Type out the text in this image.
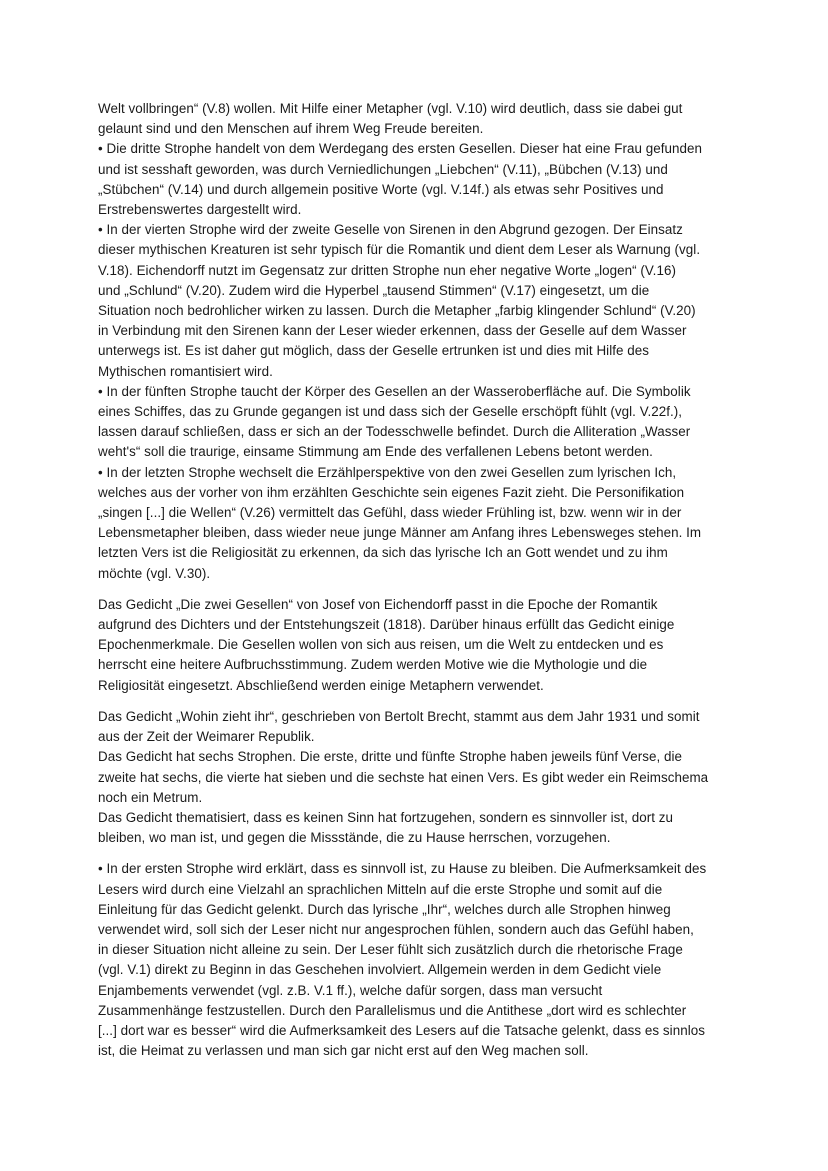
Welt vollbringen“ (V.8) wollen. Mit Hilfe einer Metapher (vgl. V.10) wird deutlich, dass sie dabei gut
gelaunt sind und den Menschen auf ihrem Weg Freude bereiten.
• Die dritte Strophe handelt von dem Werdegang des ersten Gesellen. Dieser hat eine Frau gefunden
und ist sesshaft geworden, was durch Verniedlichungen „Liebchen“ (V.11), „Bübchen (V.13) und
„Stübchen“ (V.14) und durch allgemein positive Worte (vgl. V.14f.) als etwas sehr Positives und
Erstrebenswertes dargestellt wird.
• In der vierten Strophe wird der zweite Geselle von Sirenen in den Abgrund gezogen. Der Einsatz
dieser mythischen Kreaturen ist sehr typisch für die Romantik und dient dem Leser als Warnung (vgl.
V.18). Eichendorff nutzt im Gegensatz zur dritten Strophe nun eher negative Worte „logen“ (V.16)
und „Schlund“ (V.20). Zudem wird die Hyperbel „tausend Stimmen“ (V.17) eingesetzt, um die
Situation noch bedrohlicher wirken zu lassen. Durch die Metapher „farbig klingender Schlund“ (V.20)
in Verbindung mit den Sirenen kann der Leser wieder erkennen, dass der Geselle auf dem Wasser
unterwegs ist. Es ist daher gut möglich, dass der Geselle ertrunken ist und dies mit Hilfe des
Mythischen romantisiert wird.
• In der fünften Strophe taucht der Körper des Gesellen an der Wasseroberfläche auf. Die Symbolik
eines Schiffes, das zu Grunde gegangen ist und dass sich der Geselle erschöpft fühlt (vgl. V.22f.),
lassen darauf schließen, dass er sich an der Todesschwelle befindet. Durch die Alliteration „Wasser
weht's“ soll die traurige, einsame Stimmung am Ende des verfallenen Lebens betont werden.
• In der letzten Strophe wechselt die Erzählperspektive von den zwei Gesellen zum lyrischen Ich,
welches aus der vorher von ihm erzählten Geschichte sein eigenes Fazit zieht. Die Personifikation
„singen [...] die Wellen“ (V.26) vermittelt das Gefühl, dass wieder Frühling ist, bzw. wenn wir in der
Lebensmetapher bleiben, dass wieder neue junge Männer am Anfang ihres Lebensweges stehen. Im
letzten Vers ist die Religiosität zu erkennen, da sich das lyrische Ich an Gott wendet und zu ihm
möchte (vgl. V.30).

Das Gedicht „Die zwei Gesellen“ von Josef von Eichendorff passt in die Epoche der Romantik
aufgrund des Dichters und der Entstehungszeit (1818). Darüber hinaus erfüllt das Gedicht einige
Epochenmerkmale. Die Gesellen wollen von sich aus reisen, um die Welt zu entdecken und es
herrscht eine heitere Aufbruchsstimmung. Zudem werden Motive wie die Mythologie und die
Religiosität eingesetzt. Abschließend werden einige Metaphern verwendet.

Das Gedicht „Wohin zieht ihr“, geschrieben von Bertolt Brecht, stammt aus dem Jahr 1931 und somit
aus der Zeit der Weimarer Republik.
Das Gedicht hat sechs Strophen. Die erste, dritte und fünfte Strophe haben jeweils fünf Verse, die
zweite hat sechs, die vierte hat sieben und die sechste hat einen Vers. Es gibt weder ein Reimschema
noch ein Metrum.
Das Gedicht thematisiert, dass es keinen Sinn hat fortzugehen, sondern es sinnvoller ist, dort zu
bleiben, wo man ist, und gegen die Missstände, die zu Hause herrschen, vorzugehen.

• In der ersten Strophe wird erklärt, dass es sinnvoll ist, zu Hause zu bleiben. Die Aufmerksamkeit des
Lesers wird durch eine Vielzahl an sprachlichen Mitteln auf die erste Strophe und somit auf die
Einleitung für das Gedicht gelenkt. Durch das lyrische „Ihr“, welches durch alle Strophen hinweg
verwendet wird, soll sich der Leser nicht nur angesprochen fühlen, sondern auch das Gefühl haben,
in dieser Situation nicht alleine zu sein. Der Leser fühlt sich zusätzlich durch die rhetorische Frage
(vgl. V.1) direkt zu Beginn in das Geschehen involviert. Allgemein werden in dem Gedicht viele
Enjambements verwendet (vgl. z.B. V.1 ff.), welche dafür sorgen, dass man versucht
Zusammenhänge festzustellen. Durch den Parallelismus und die Antithese „dort wird es schlechter
[...] dort war es besser“ wird die Aufmerksamkeit des Lesers auf die Tatsache gelenkt, dass es sinnlos
ist, die Heimat zu verlassen und man sich gar nicht erst auf den Weg machen soll.
